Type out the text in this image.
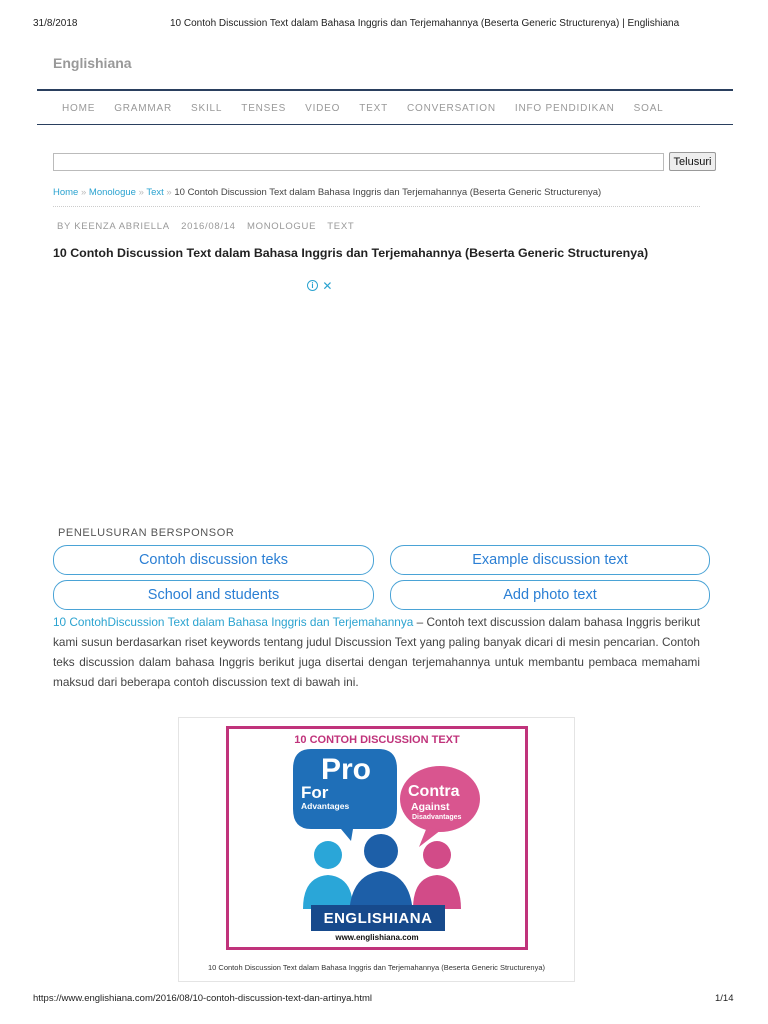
31/8/2018	10 Contoh Discussion Text dalam Bahasa Inggris dan Terjemahannya (Beserta Generic Structurenya) | Englishiana
Englishiana
HOME GRAMMAR SKILL TENSES VIDEO TEXT CONVERSATION INFO PENDIDIKAN SOAL
Telusuri
Home » Monologue » Text » 10 Contoh Discussion Text dalam Bahasa Inggris dan Terjemahannya (Beserta Generic Structurenya)
BY KEENZA ABRIELLA 2016/08/14 MONOLOGUE TEXT
10 Contoh Discussion Text dalam Bahasa Inggris dan Terjemahannya (Beserta Generic Structurenya)
i ✕
PENELUSURAN BERSPONSOR
Contoh discussion teks	Example discussion text
School and students	Add photo text
10 ContohDiscussion Text dalam Bahasa Inggris dan Terjemahannya – Contoh text discussion dalam bahasa Inggris berikut kami susun berdasarkan riset keywords tentang judul Discussion Text yang paling banyak dicari di mesin pencarian. Contoh teks discussion dalam bahasa Inggris berikut juga disertai dengan terjemahannya untuk membantu pembaca memahami maksud dari beberapa contoh discussion text di bawah ini.
10 CONTOH DISCUSSION TEXT
Pro
For
Advantages
Contra
Against
Disadvantages
ENGLISHIANA
www.englishiana.com
10 Contoh Discussion Text dalam Bahasa Inggris dan Terjemahannya (Beserta Generic Structurenya)
https://www.englishiana.com/2016/08/10-contoh-discussion-text-dan-artinya.html	1/14
